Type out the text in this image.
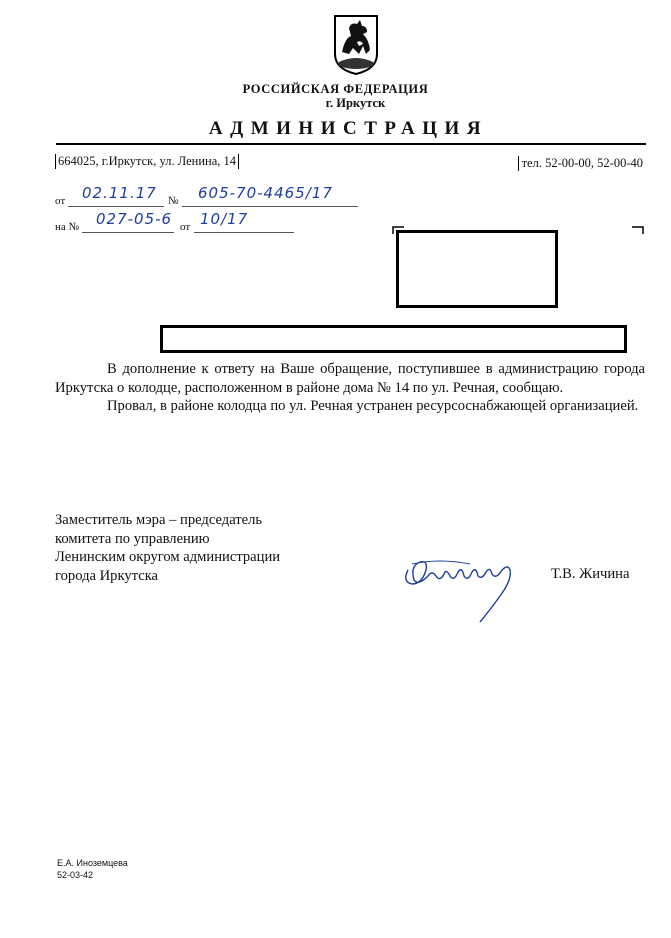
РОССИЙСКАЯ ФЕДЕРАЦИЯ
г. Иркутск
АДМИНИСТРАЦИЯ
664025, г.Иркутск, ул. Ленина, 14	тел. 52-00-00, 52-00-40
от 02.11.17 № 605-70-4465/17
на № 027-05-6 от 10/17

В дополнение к ответу на Ваше обращение, поступившее в администрацию города Иркутска о колодце, расположенном в районе дома № 14 по ул. Речная, сообщаю.

Провал, в районе колодца по ул. Речная устранен ресурсоснабжающей организацией.

Заместитель мэра – председатель
комитета по управлению
Ленинским округом администрации
города Иркутска	Т.В. Жичина
Е.А. Иноземцева
52-03-42
